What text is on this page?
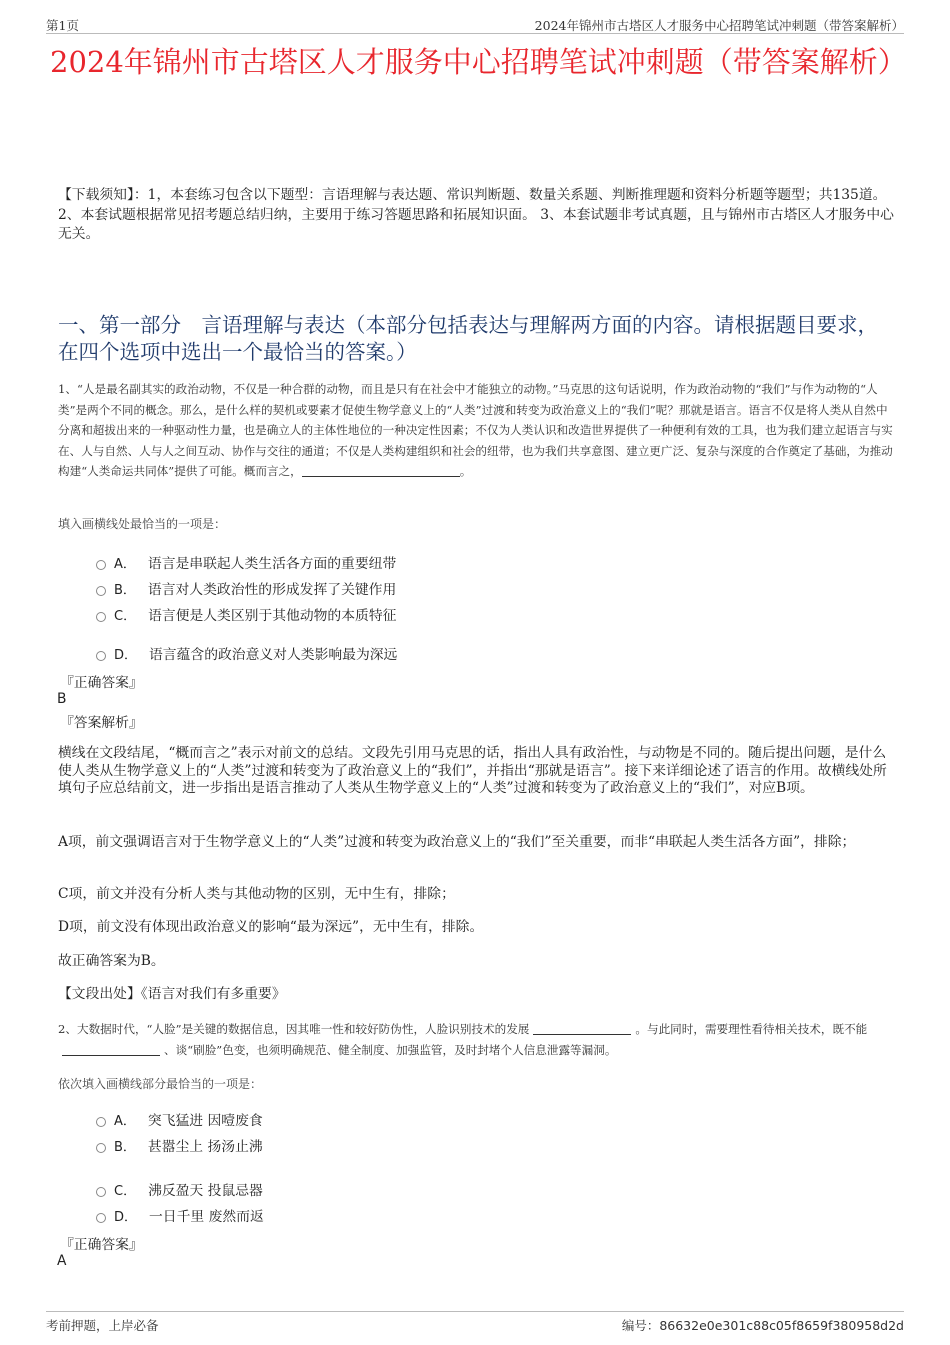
第1页	2024年锦州市古塔区人才服务中心招聘笔试冲刺题（带答案解析）
2024年锦州市古塔区人才服务中心招聘笔试冲刺题（带答案解析）
【下载须知】：1，本套练习包含以下题型：言语理解与表达题、常识判断题、数量关系题、判断推理题和资料分析题等题型；共135道。 2、本套试题根据常见招考题总结归纳，主要用于练习答题思路和拓展知识面。 3、本套试题非考试真题，且与锦州市古塔区人才服务中心无关。
一、第一部分　言语理解与表达（本部分包括表达与理解两方面的内容。请根据题目要求，在四个选项中选出一个最恰当的答案。）
1、“人是最名副其实的政治动物，不仅是一种合群的动物，而且是只有在社会中才能独立的动物。”马克思的这句话说明，作为政治动物的“我们”与作为动物的“人类”是两个不同的概念。那么，是什么样的契机或要素才促使生物学意义上的“人类”过渡和转变为政治意义上的“我们”呢？那就是语言。语言不仅是将人类从自然中分离和超拔出来的一种驱动性力量，也是确立人的主体性地位的一种决定性因素；不仅为人类认识和改造世界提供了一种便利有效的工具，也为我们建立起语言与实在、人与自然、人与人之间互动、协作与交往的通道；不仅是人类构建组织和社会的纽带，也为我们共享意图、建立更广泛、复杂与深度的合作奠定了基础，为推动构建“人类命运共同体”提供了可能。概而言之，	。
填入画横线处最恰当的一项是：
A． 语言是串联起人类生活各方面的重要纽带
B． 语言对人类政治性的形成发挥了关键作用
C． 语言便是人类区别于其他动物的本质特征
D． 语言蕴含的政治意义对人类影响最为深远
『正确答案』
B
『答案解析』
横线在文段结尾，“概而言之”表示对前文的总结。文段先引用马克思的话，指出人具有政治性，与动物是不同的。随后提出问题，是什么使人类从生物学意义上的“人类”过渡和转变为了政治意义上的“我们”，并指出“那就是语言”。接下来详细论述了语言的作用。故横线处所填句子应总结前文，进一步指出是语言推动了人类从生物学意义上的“人类”过渡和转变为了政治意义上的“我们”，对应B项。
A项，前文强调语言对于生物学意义上的“人类”过渡和转变为政治意义上的“我们”至关重要，而非“串联起人类生活各方面”，排除；
C项，前文并没有分析人类与其他动物的区别，无中生有，排除；
D项，前文没有体现出政治意义的影响“最为深远”，无中生有，排除。
故正确答案为B。
【文段出处】《语言对我们有多重要》
2、大数据时代，“人脸”是关键的数据信息，因其唯一性和较好防伪性，人脸识别技术的发展	。与此同时，需要理性看待相关技术，既不能、谈“刷脸”色变，也须明确规范、健全制度、加强监管，及时封堵个人信息泄露等漏洞。
依次填入画横线部分最恰当的一项是：
A． 突飞猛进 因噎废食
B． 甚嚣尘上 扬汤止沸
C． 沸反盈天 投鼠忌器
D． 一日千里 废然而返
『正确答案』
A
考前押题，上岸必备	编号：86632e0e301c88c05f8659f380958d2d
